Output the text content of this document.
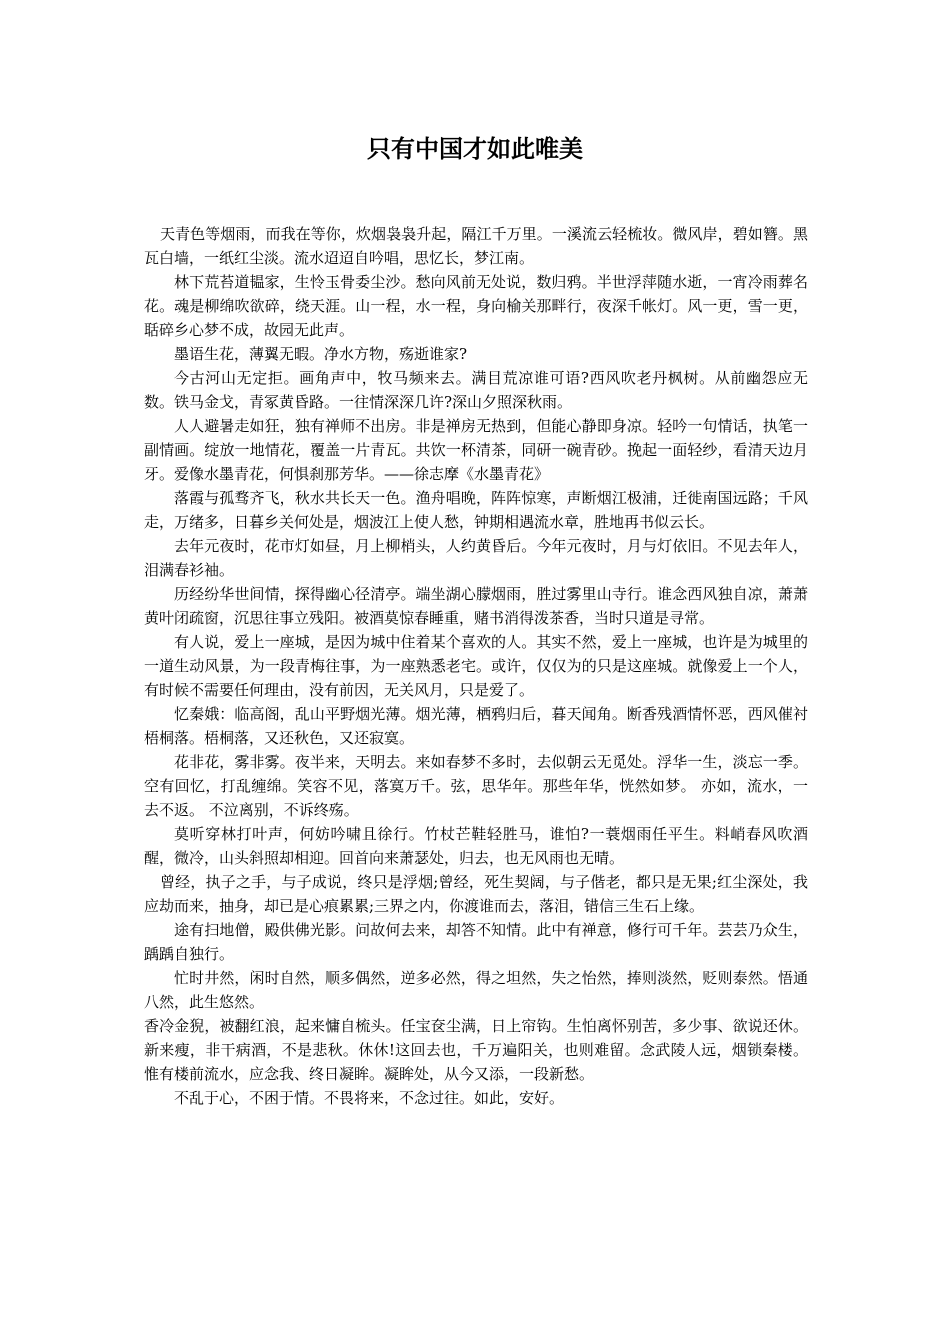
只有中国才如此唯美

天青色等烟雨，而我在等你，炊烟袅袅升起，隔江千万里。一溪流云轻梳妆。微风岸，碧如簪。黑瓦白墙，一纸红尘淡。流水迢迢自吟唱，思忆长，梦江南。

林下荒苔道韫家，生怜玉骨委尘沙。愁向风前无处说，数归鸦。半世浮萍随水逝，一宵冷雨葬名花。魂是柳绵吹欲碎，绕天涯。山一程，水一程，身向榆关那畔行，夜深千帐灯。风一更，雪一更，聒碎乡心梦不成，故园无此声。

墨语生花，薄翼无暇。净水方物，殇逝谁家?

今古河山无定拒。画角声中，牧马频来去。满目荒凉谁可语?西风吹老丹枫树。从前幽怨应无数。铁马金戈，青冢黄昏路。一往情深深几许?深山夕照深秋雨。

人人避暑走如狂，独有禅师不出房。非是禅房无热到，但能心静即身凉。轻吟一句情话，执笔一副情画。绽放一地情花，覆盖一片青瓦。共饮一杯清茶，同研一碗青砂。挽起一面轻纱，看清天边月牙。爱像水墨青花，何惧刹那芳华。——徐志摩《水墨青花》

落霞与孤骛齐飞，秋水共长天一色。渔舟唱晚，阵阵惊寒，声断烟江极浦，迁徙南国远路；千风走，万绪多，日暮乡关何处是，烟波江上使人愁，钟期相遇流水章，胜地再书似云长。

去年元夜时，花市灯如昼，月上柳梢头，人约黄昏后。今年元夜时，月与灯依旧。不见去年人，泪满春衫袖。

历经纷华世间情，探得幽心径清亭。端坐湖心朦烟雨，胜过雾里山寺行。谁念西风独自凉，萧萧黄叶闭疏窗，沉思往事立残阳。被酒莫惊春睡重，赌书消得泼茶香，当时只道是寻常。

有人说，爱上一座城，是因为城中住着某个喜欢的人。其实不然，爱上一座城，也许是为城里的一道生动风景，为一段青梅往事，为一座熟悉老宅。或许，仅仅为的只是这座城。就像爱上一个人，有时候不需要任何理由，没有前因，无关风月，只是爱了。

忆秦娥：临高阁，乱山平野烟光薄。烟光薄，栖鸦归后，暮天闻角。断香残酒情怀恶，西风催衬梧桐落。梧桐落，又还秋色，又还寂寞。

花非花，雾非雾。夜半来，天明去。来如春梦不多时，去似朝云无觅处。浮华一生，淡忘一季。空有回忆，打乱缠绵。笑容不见，落寞万千。弦，思华年。那些年华，恍然如梦。 亦如，流水，一去不返。 不泣离别，不诉终殇。

莫听穿林打叶声，何妨吟啸且徐行。竹杖芒鞋轻胜马，谁怕?一蓑烟雨任平生。料峭春风吹酒醒，微冷，山头斜照却相迎。回首向来萧瑟处，归去，也无风雨也无晴。

曾经，执子之手，与子成说，终只是浮烟;曾经，死生契阔，与子偕老，都只是无果;红尘深处，我应劫而来，抽身，却已是心痕累累;三界之内，你渡谁而去，落泪，错信三生石上缘。

途有扫地僧，殿供佛光影。问故何去来，却答不知情。此中有禅意，修行可千年。芸芸乃众生，踽踽自独行。

忙时井然，闲时自然，顺多偶然，逆多必然，得之坦然，失之怡然，捧则淡然，贬则泰然。悟通八然，此生悠然。

香冷金猊，被翻红浪，起来慵自梳头。任宝奁尘满，日上帘钩。生怕离怀别苦，多少事、欲说还休。新来瘦，非干病酒，不是悲秋。休休!这回去也，千万遍阳关，也则难留。念武陵人远，烟锁秦楼。惟有楼前流水，应念我、终日凝眸。凝眸处，从今又添，一段新愁。

不乱于心，不困于情。不畏将来，不念过往。如此，安好。
